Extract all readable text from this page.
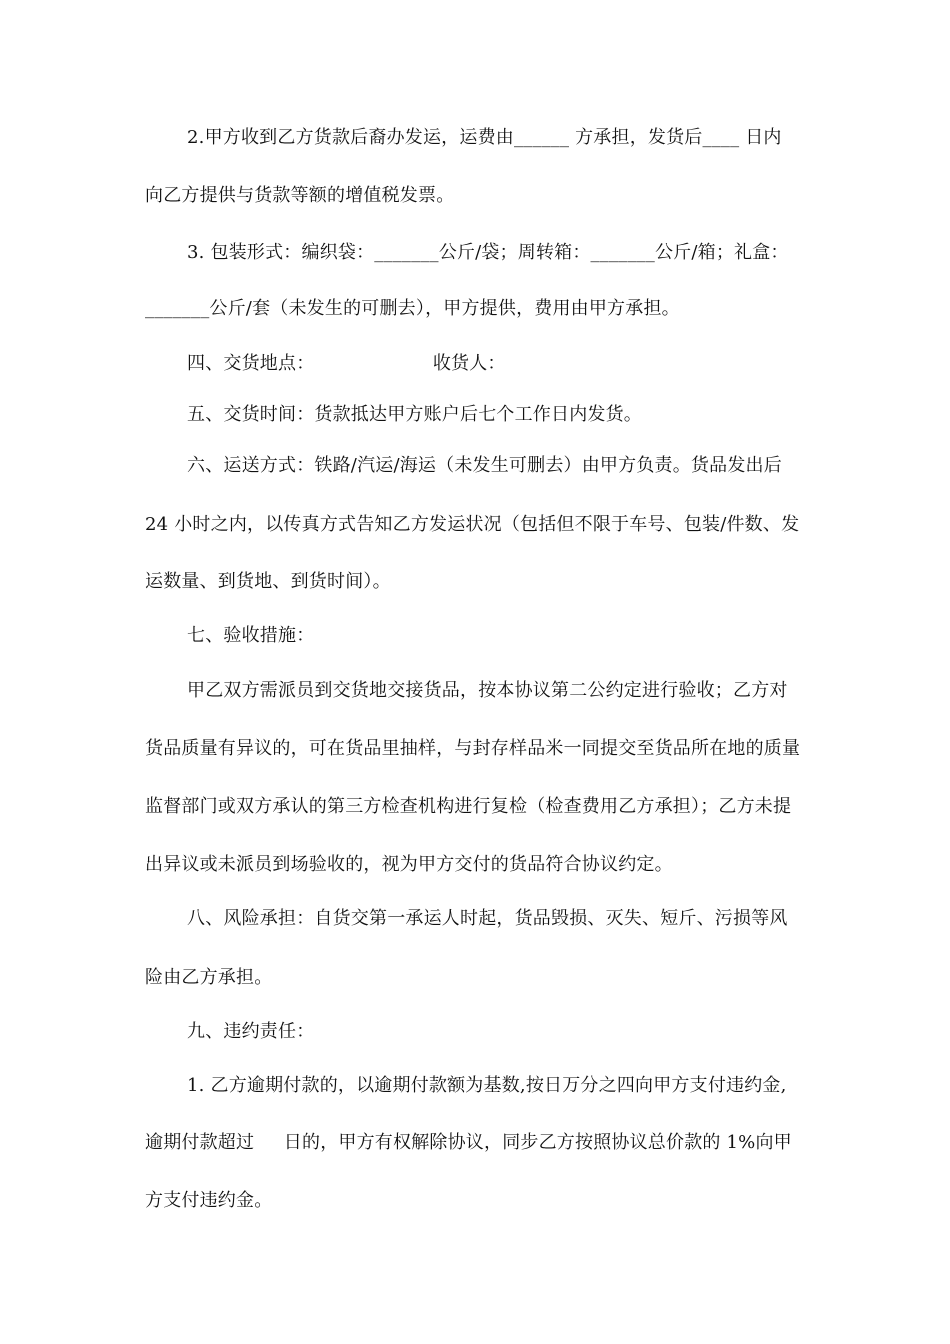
2.甲方收到乙方货款后裔办发运，运费由______ 方承担，发货后____ 日内
向乙方提供与货款等额的增值税发票。
3. 包装形式：编织袋：_______公斤/袋；周转箱：_______公斤/箱；礼盒：
_______公斤/套（未发生的可删去），甲方提供，费用由甲方承担。
四、交货地点：                    收货人：
五、交货时间：货款抵达甲方账户后七个工作日内发货。
六、运送方式：铁路/汽运/海运（未发生可删去）由甲方负责。货品发出后
24 小时之内，以传真方式告知乙方发运状况（包括但不限于车号、包装/件数、发
运数量、到货地、到货时间）。
七、验收措施：
甲乙双方需派员到交货地交接货品，按本协议第二公约定进行验收；乙方对
货品质量有异议的，可在货品里抽样，与封存样品米一同提交至货品所在地的质量
监督部门或双方承认的第三方检查机构进行复检（检查费用乙方承担）；乙方未提
出异议或未派员到场验收的，视为甲方交付的货品符合协议约定。
八、风险承担：自货交第一承运人时起，货品毁损、灭失、短斤、污损等风
险由乙方承担。
九、违约责任：
1. 乙方逾期付款的，以逾期付款额为基数,按日万分之四向甲方支付违约金,
逾期付款超过     日的，甲方有权解除协议，同步乙方按照协议总价款的 1%向甲
方支付违约金。
